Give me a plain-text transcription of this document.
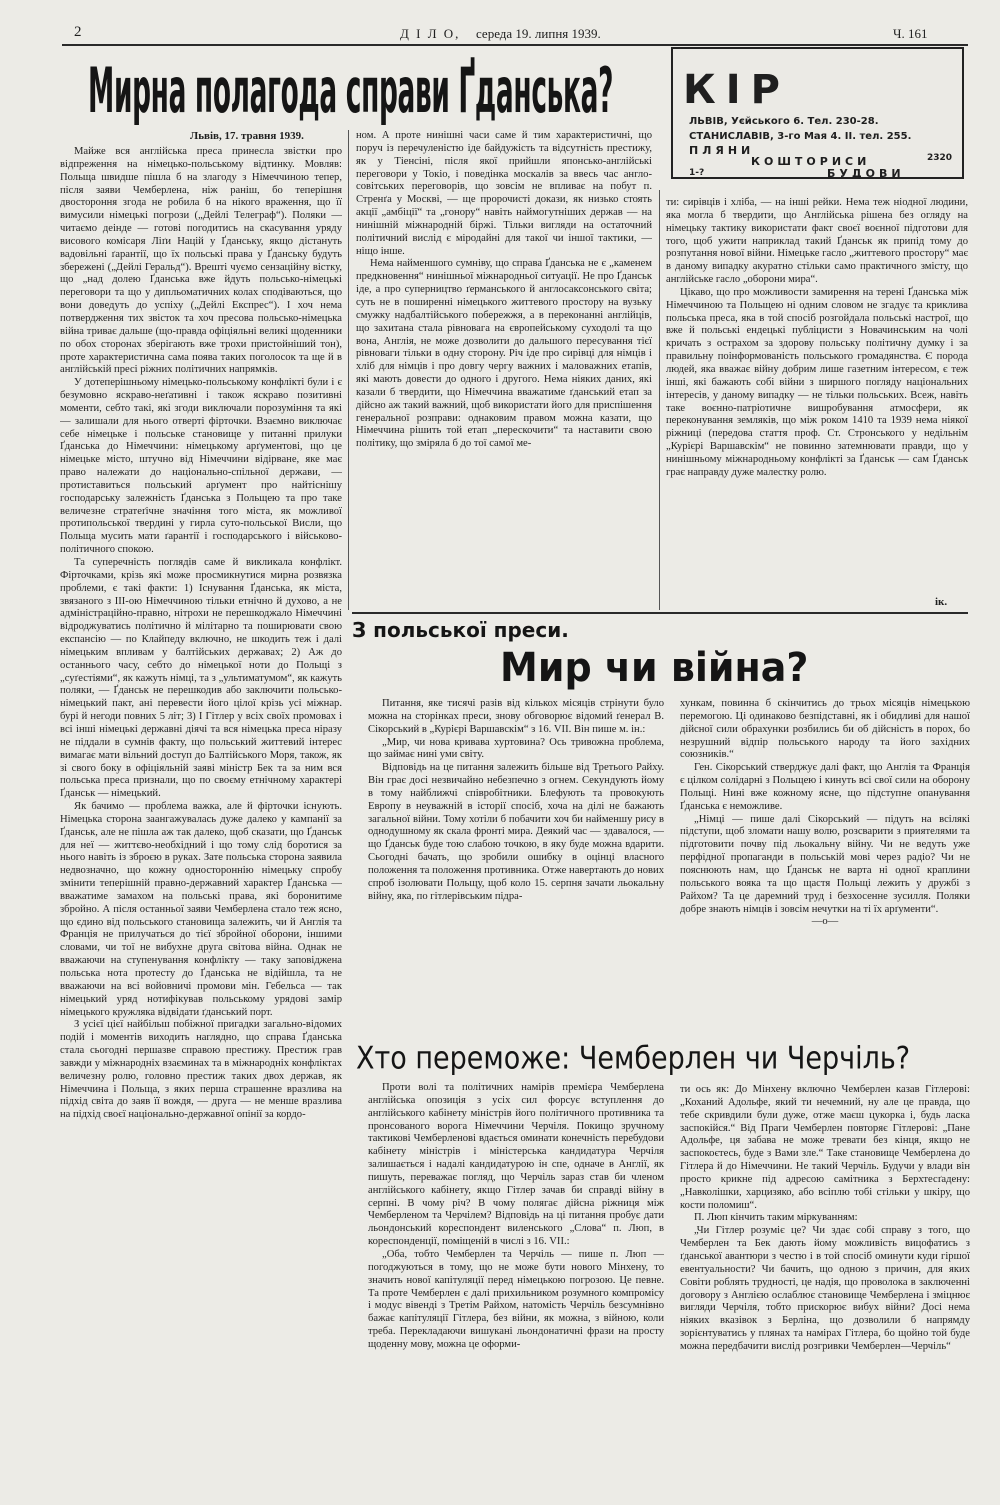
2	Д І Л О, середа 19. липня 1939.	Ч. 161
Мирна полагода справи Ґданська? КІР
ЛЬВІВ, Уєйського 6. Тел. 230-28.
СТАНИСЛАВІВ, 3-го Мая 4. II. тел. 255.
ПЛЯНИ
КОШТОРИСИ
БУДОВИ
1-?
2320
Львів, 17. травня 1939.

Майже вся англійська преса принесла звістки про відпрeження на німецько-польському відтинку. Мовляв: Польща швидше пішла б на злагоду з Німеччиною тепер, після заяви Чемберлена, ніж раніш, бо теперішня двостороння згода не робила б на нікого враження, що її вимусили німецькі погрози („Дейлі Телеграф“). Поляки — читаємо деінде — готові погодитись на скасування уряду висового комісаря Ліґи Націй у Ґданську, якщо дістануть вадовільні ґарантії, що їх польські права у Ґданську будуть збережені („Дейлі Геральд“). Врешті чуємо сензаційну вістку, що „над долею Ґданська вже йдуть польсько-німецькі переговори та що у дипльоматичних колах сподіваються, що вони доведуть до успіху („Дейлі Експрес“). І хоч нема потвердження тих звісток та хоч пресова польсько-німецька війна триває дальше (що-правда офіціяльні великі щоденники по обох сторонах зберігають вже трохи пристойніший тон), проте характеристична сама поява таких поголосок та ще й в англійській пресі ріжних політичних напрямків.

У дотеперішньому німецько-польському конфлікті були і є безумовно яскраво-неґативні і також яскраво позитивні моменти, себто такі, які згоди виключали порозуміння та які — залишали для нього отверті фірточки. Взаємно виключає себе німецьке і польське становище у питанні прилуки Ґданська до Німеччини: німецькому арґументові, що це німецьке місто, штучно від Німеччини відірване, яке має право належати до національно-спільної держави, — протиставиться польський арґумент про найтіснішу господарську залежність Ґданська з Польщею та про таке величезне стратеґічне значіння того міста, як можливої протипольської твердині у гирла суто-польської Висли, що Польща мусить мати ґарантії і господарського і військово-політичного спокою.

Та суперечність поглядів саме й викликала конфлікт. Фірточками, крізь які може просмикнутися мирна розвязка проблеми, є такі факти: 1) Існування Ґданська, як міста, звязаного з ІІІ-ою Німеччиною тільки етнічно й духово, а не адміністраційно-правно, нітрохи не перешкоджало Німеччині відроджуватись політично й мілітарно та поширювати свою експансію — по Клайпеду включно, не шкодить теж і далі німецьким впливам у балтійських державах; 2) Аж до останнього часу, себто до німецької ноти до Польщі з „суґестіями“, як кажуть німці, та з „ультиматумом“, як кажуть поляки, — Ґданськ не перешкодив або заключити польсько-німецький пакт, ані перевести його цілої крізь усі міжнар. бурі й негоди повних 5 літ; 3) І Гітлер у всіх своїх промовах і всі інші німецькі державні діячі та вся німецька преса ніразу не піддали в сумнів факту, що польський життевий інтерес вимагає мати вільний доступ до Балтійського Моря, також, як зі свого боку в офіціяльній заяві міністр Бек та за ним вся польська преса признали, що по своєму етнічному характері Ґданськ — німецький.

Як бачимо — проблема важка, але й фірточки існують. Німецька сторона заангажувалась дуже далеко у кампанії за Ґданськ, але не пішла аж так далеко, щоб сказати, що Ґданськ для неї — життєво-необхідний і що тому слід боротися за нього навіть із зброєю в руках. Зате польська сторона заявила недвозначно, що кожну одностороннію німецьку спробу змінити теперішній правно-державний характер Ґданська — вважатиме замахом на польські права, які боронитиме збройно. А після останньої заяви Чемберлена стало теж ясно, що єдино від польського становища залежить, чи й Англія та Франція не прилучаться до тієї збройної оборони, іншими словами, чи тої не вибухне друга світова війна. Однак не вважаючи на ступенування конфлікту — таку заповіджена польська нота протесту до Ґданська не відійшла, та не вважаючи на всі войовничі промови мін. Гебельса — так німецький уряд нотифікував польському урядові замір німецького кружляка відвідати ґданський порт.

З усієї цієї найбільш побіжної пригадки загально-відомих подій і моментів виходить наглядно, що справа Ґданська стала сьогодні першазве справою престижу. Престиж грав завжди у міжнародніх взаєминах та в міжнародніх конфліктах величезну ролю, головно престиж таких двох держав, як Німеччина і Польща, з яких перша страшенне вразлива на підхід світа до заяв її вождя, — друга — не менше вразлива на підхід своєї національно-державної опінії за кордо-

ном. А проте нинішні часи саме й тим характеристичні, що поруч із перечуленістю іде байдужість та відсутність престижу, як у Тіенсіні, після якої прийшли японсько-англійські переговори у Токіо, і поведінка москалів за ввесь час англо-совітських переговорів, що зовсім не впливає на побут п. Стренґа у Москві, — ще пророчисті докази, як низько стоять акції „амбіції“ та „гонору“ навіть наймогутніших держав — на нинішній міжнародній біржі. Тільки вигляди на остаточний політичний вислід є міродайні для такої чи іншої тактики, — ніщо інше.

Нема найменшого сумніву, що справа Ґданська не є „каменем предкновення“ нинішньої міжнародньої ситуації. Не про Ґданськ іде, а про суперництво ґерманського й англосаксонського світа; суть не в поширенні німецького життевого простору на вузьку смужку надбалтійського побережжя, а в переконанні англійців, що захитана стала рівновага на європейському суходолі та що вона, Англія, не може дозволити до дальшого пересування тієї рівноваги тільки в одну сторону. Річ іде про сирівці для німців і хліб для німців і про довгу чергу важних і маловажних етапів, які мають довести до одного і другого. Нема ніяких даних, які казали б твердити, що Німеччина вважатиме ґданський етап за дійсно аж такий важний, щоб використати його для приспішення генеральної розправи: однаковим правом можна казати, що Німеччина рішить той етап „перескочити“ та наставити свою політику, що змірялa б до тої самої ме-

ти: сирівців і хліба, — на інші рейки. Нема теж ніодної людини, яка могла б твердити, що Англійська рішена без огляду на німецьку тактику використати факт своєї воєнної підготови для того, щоб ужити наприклад такий Ґданськ як припід тому до розпутання нової війни. Німецьке гасло „життевого простору“ має в даному випадку акуратно стільки само практичного змісту, що англійське гасло „оборони мира“.

Цікаво, що про можливости замирення на терені Ґданська між Німеччиною та Польщею ні одним словом не згадує та криклива польська преса, яка в той спосіб розгойдала польські настрої, що вже й польські ендецькі публіцисти з Новачинським на чолі кричать з острахом за здорову польську політичну думку і за правильну поінформованість польського громадянства. Є порода людей, яка вважає війну добрим лише газетним інтересом, є теж інші, які бажають собі війни з ширшого погляду національних інтересів, у даному випадку — не тільки польських. Всеж, навіть таке воєнно-патріотичне вишробування атмосфери, як переконування земляків, що між роком 1410 та 1939 нема ніякої ріжниці (передова стаття проф. Ст. Стронського у недільнім „Курієрі Варшавскім“ не повинно затемнювати правди, що у нинішньому міжнародньому конфлікті за Ґданськ — сам Ґданськ грає направду дуже малеcтку ролю.

ік.
З польської преси.
Мир чи війна?

Питання, яке тисячі разів від кількох місяців стрінути було можна на сторінках преси, знову обговорює відомий ґенерал В. Сікорський в „Курієрі Варшавскім“ з 16. VII. Він пише м. ін.:

„Мир, чи нова кривава хуртовина? Ось тривожна проблема, що займає нині уми світу.

Відповідь на це питання залежить більше від Третього Райху. Він грає досі незвичайно небезпечно з огнем. Секундують йому в тому найближчі співробітники. Блефують та провокують Европу в неуважній в історії спосіб, хоча на ділі не бажають загальної війни. Тому хотіли б побачити хоч би найменшу рису в однодушному як скала фронті мира. Деякий час — здавалося, — що Ґданськ буде тою слабою точкою, в яку буде можна вдарити. Сьогодні бачать, що зробили ошибку в оцінці власного положення та положення противника. Отже навертають до нових спроб ізолювати Польщу, щоб коло 15. серпня зачати льокальну війну, яка, по гітлерівським підра-

хункам, повинна б скінчитись до трьох місяців німецькою перемогою. Ці одинаково безпідставні, як і обидливі для нашої дійсної сили обрахунки розбились би об дійсність в порох, бо незрушний відпір польського народу та його західних союзників.“

Ген. Сікорський стверджує далі факт, що Англія та Франція є цілком солідарні з Польщею і кинуть всі свої сили на оборону Польщі. Нині вже кожному ясне, що підступне опанування Ґданська є неможливе.

„Німці — пише далі Сікорський — підуть на всілякі підступи, щоб зломати нашу волю, розсварити з приятелями та підготовити почву під льокальну війну. Чи не ведуть уже перфідної пропаганди в польській мові через радіо? Чи не пояснюють нам, що Ґданськ не варта ні одної краплини польського вояка та що щастя Польщі лежить у дружбі з Райхом? Та це даремний труд і безхосенне зусилля. Поляки добре знають німців і зовсім нечутки на ті їх арґументи“.

—о—

Хто переможе: Чемберлен чи Черчіль?

Проти волі та політичних намірів премієра Чемберлена англійська опозиція з усіх сил форсує вступлення до англійського кабінету міністрів його політичного противника та пронсованого ворога Німеччини Черчіля. Покищо зручному тактикові Чемберленові вдається оминати конечність перебудови кабінету міністрів і міністерська кандидатура Черчіля залишається і надалі кандидатурою ін спе, одначе в Англії, як пишуть, переважає погляд, що Черчіль зараз став би членом англійського кабінету, якщо Гітлер зачав би справді війну в серпні. В чому річ? В чому полягає дійсна ріжниця між Чемберленом та Черчілем? Відповідь на ці питання пробує дати льондонський кореспондент виленського „Слова“ п. Люп, в кореспонденції, поміщеній в числі з 16. VII.:

„Оба, тобто Чемберлен та Черчіль — пише п. Люп — погоджуються в тому, що не може бути нового Мінхену, то значить нової капітуляції перед німецькою погрозою. Це певне. Та проте Чемберлен є далі прихильником розумного компромісу і модус вівенді з Третім Райхом, натомість Черчіль безсумнівно бажає капітуляції Гітлера, без війни, як можна, з війною, коли треба. Перекладаючи вишукані льондонатичні фрази на просту щоденну мову, можна це оформи-

ти ось як: До Мінхену включно Чемберлен казав Гітлерові: „Коханий Адольфе, який ти нечемний, ну але це правда, що тебе скривдили були дуже, отже маєш цукорка і, будь ласка заспокійся.“ Від Праги Чемберлен повторяє Гітлерові: „Пане Адольфе, ця забава не може тревати без кінця, якщо не заспокоєтесь, буде з Вами зле.“ Таке становище Чемберлена до Гітлера й до Німеччини. Не такий Черчіль. Будучи у влади він просто крикне під адресою самітника з Берхтесґадену: „Навколішки, харцизяко, або всіплю тобі стільки у шкіру, що кости поломиш“.

П. Люп кінчить таким міркуванням:

„Чи Гітлер розуміє це? Чи здає собі справу з того, що Чемберлен та Бек дають йому можливість вицофатись з ґданської авантюри з честю і в той спосіб оминути куди гіршої евентуальности? Чи бачить, що одною з причин, для яких Совіти роблять трудності, це надія, що проволока в заключенні договору з Англією ослаблює становище Чемберлена і зміцнює вигляди Черчіля, тобто прискорює вибух війни? Досі нема ніяких вказівок з Берліна, що дозволили б напрямду зорієнтуватись у плянах та намірах Гітлера, бо щойно той буде можна передбачити вислід розгривки Чемберлен—Черчіль“
